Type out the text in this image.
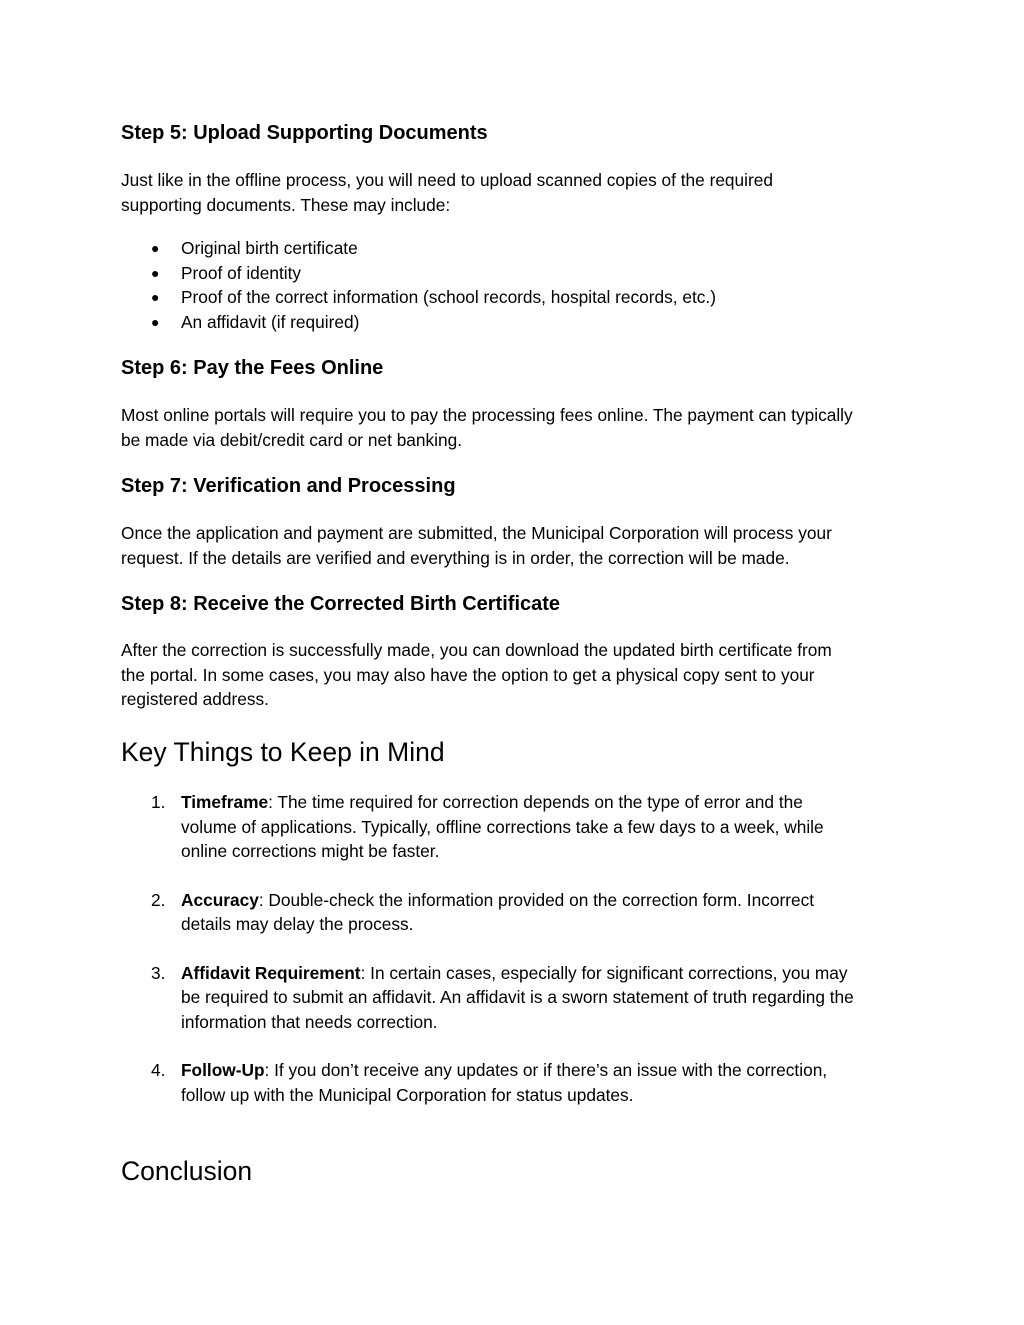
Step 5: Upload Supporting Documents

Just like in the offline process, you will need to upload scanned copies of the required
supporting documents. These may include:

● Original birth certificate
● Proof of identity
● Proof of the correct information (school records, hospital records, etc.)
● An affidavit (if required)
Step 6: Pay the Fees Online

Most online portals will require you to pay the processing fees online. The payment can typically
be made via debit/credit card or net banking.

Step 7: Verification and Processing

Once the application and payment are submitted, the Municipal Corporation will process your
request. If the details are verified and everything is in order, the correction will be made.

Step 8: Receive the Corrected Birth Certificate

After the correction is successfully made, you can download the updated birth certificate from
the portal. In some cases, you may also have the option to get a physical copy sent to your
registered address.

Key Things to Keep in Mind
1. Timeframe: The time required for correction depends on the type of error and the
volume of applications. Typically, offline corrections take a few days to a week, while
online corrections might be faster.
2. Accuracy: Double-check the information provided on the correction form. Incorrect
details may delay the process.
3. Affidavit Requirement: In certain cases, especially for significant corrections, you may
be required to submit an affidavit. An affidavit is a sworn statement of truth regarding the
information that needs correction.
4. Follow-Up: If you don’t receive any updates or if there’s an issue with the correction,
follow up with the Municipal Corporation for status updates.
Conclusion
